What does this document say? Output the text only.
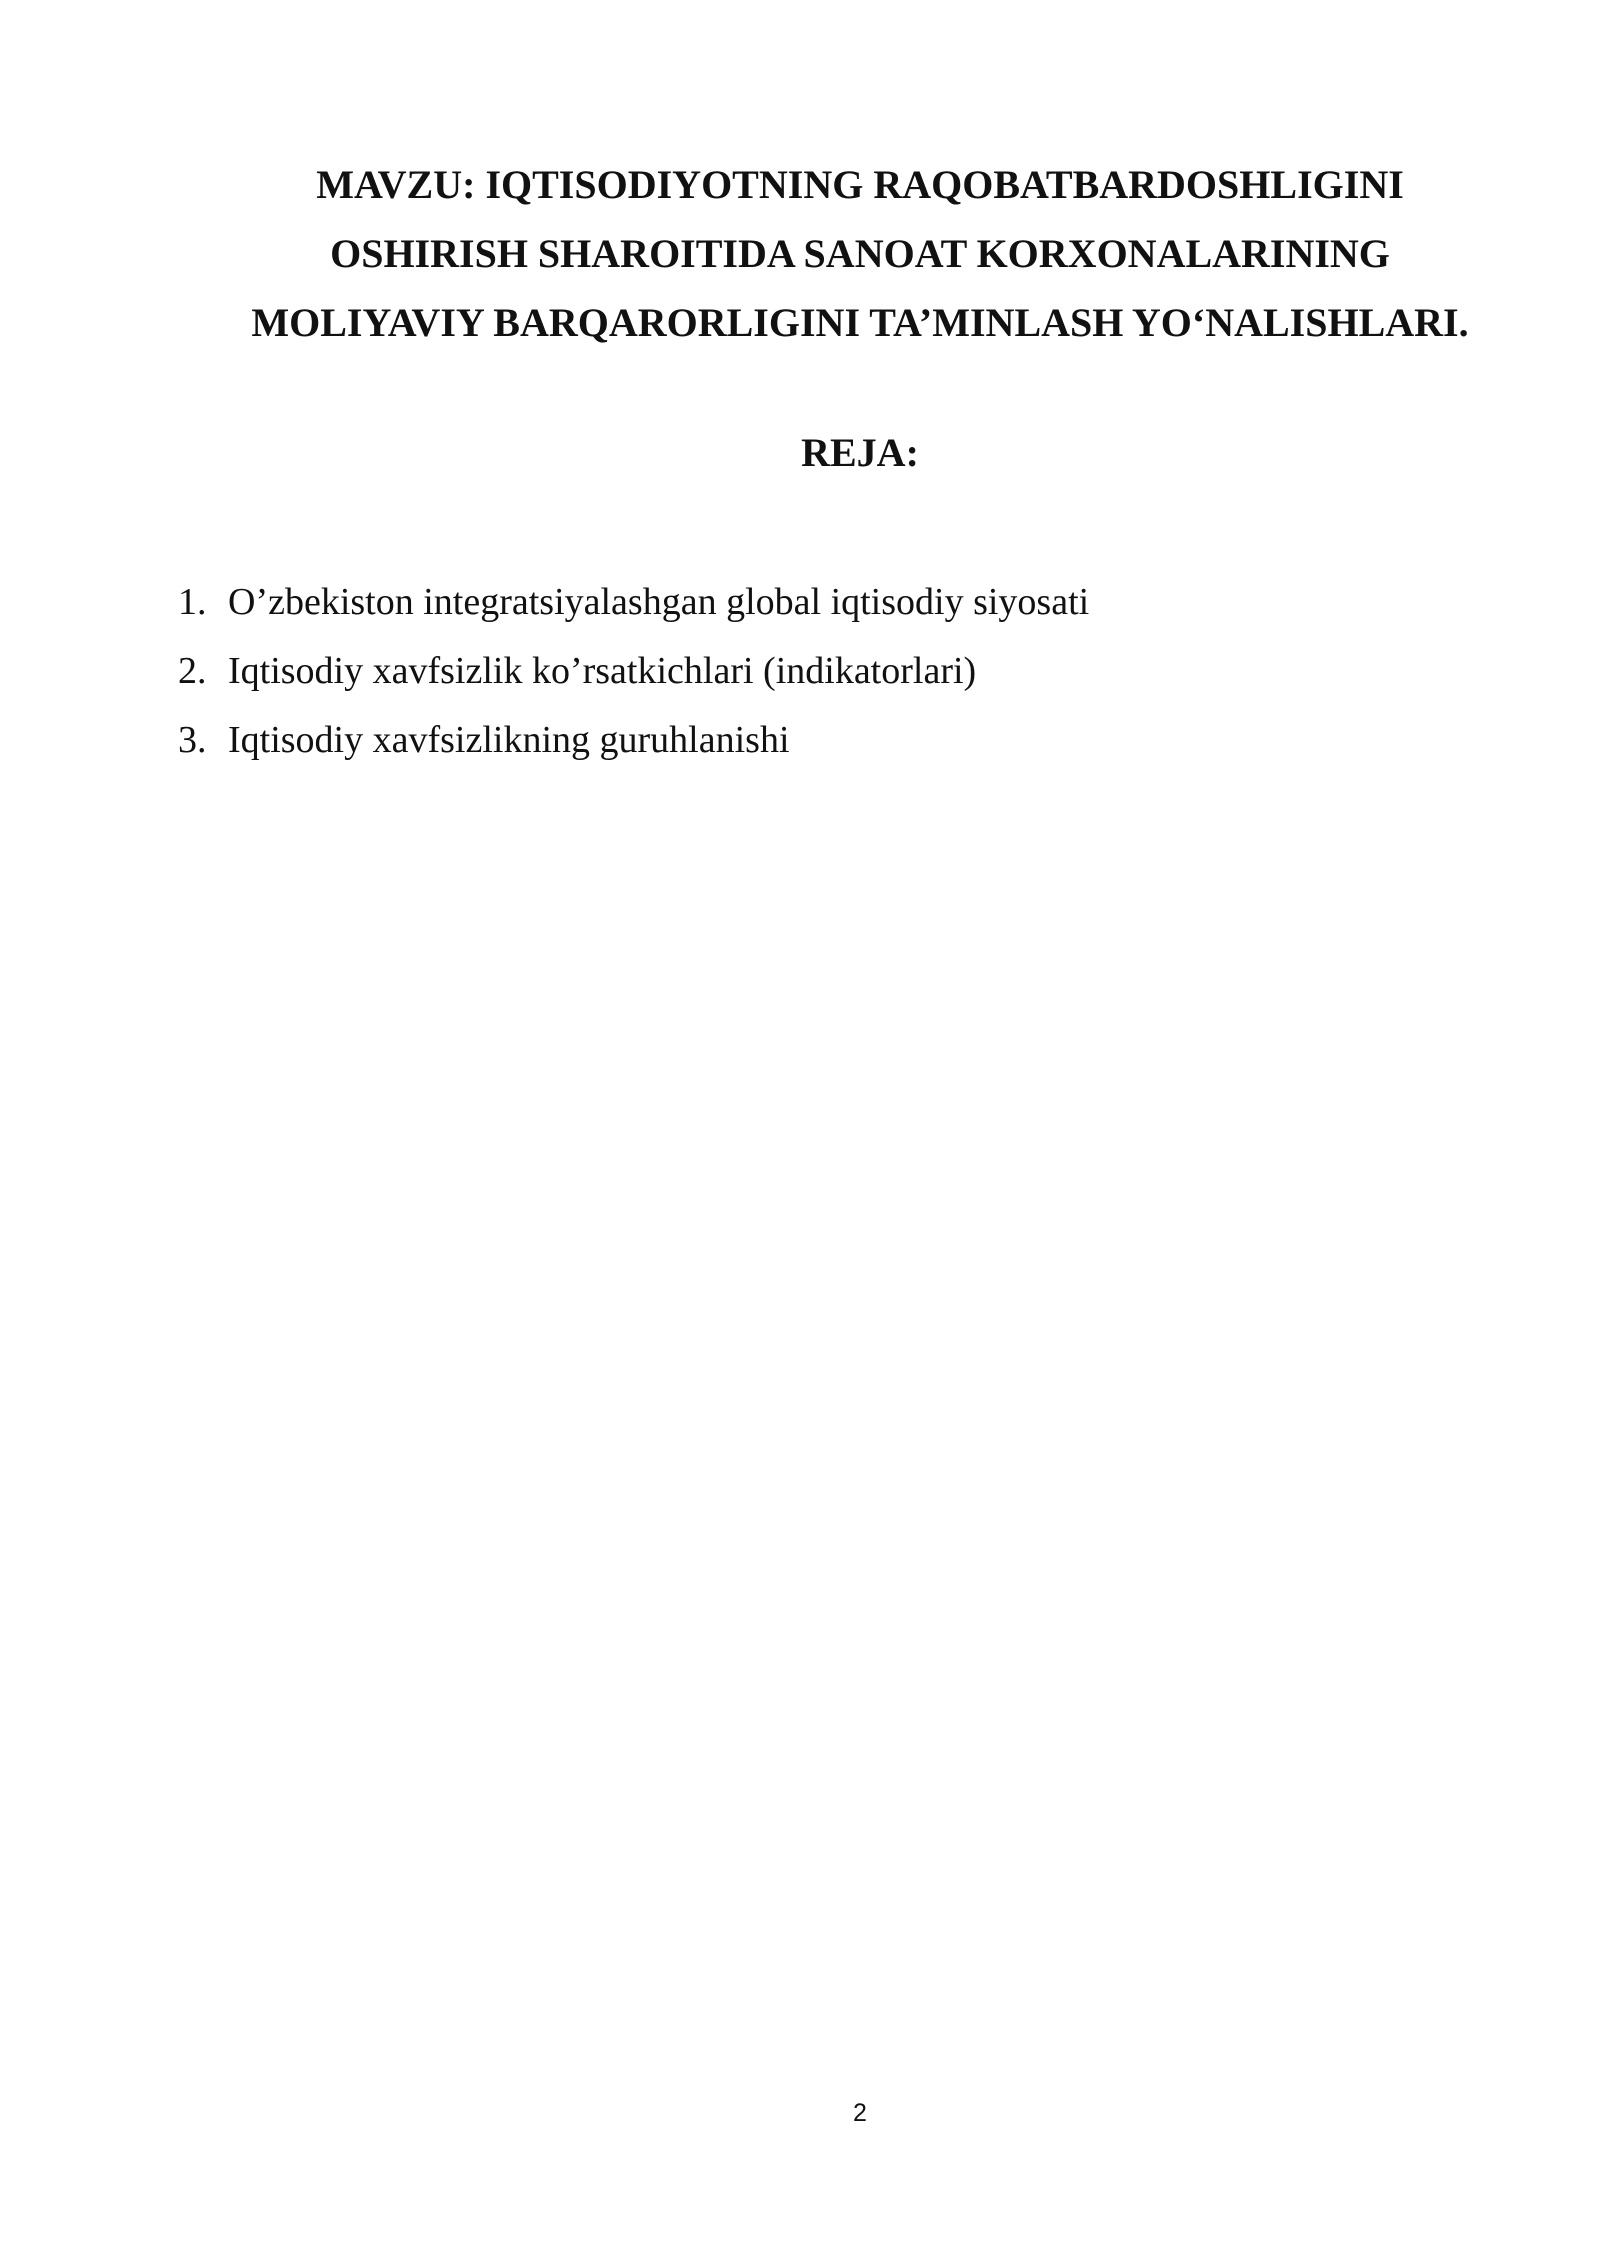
MAVZU: IQTISODIYOTNING RAQOBATBARDOSHLIGINI
OSHIRISH SHAROITIDA SANOAT KORXONALARINING
MOLIYAVIY BARQARORLIGINI TA’MINLASH YO‘NALISHLARI.
REJA:
1. O’zbekiston integratsiyalashgan global iqtisodiy siyosati
2. Iqtisodiy xavfsizlik ko’rsatkichlari (indikatorlari)
3. Iqtisodiy xavfsizlikning guruhlanishi
2
